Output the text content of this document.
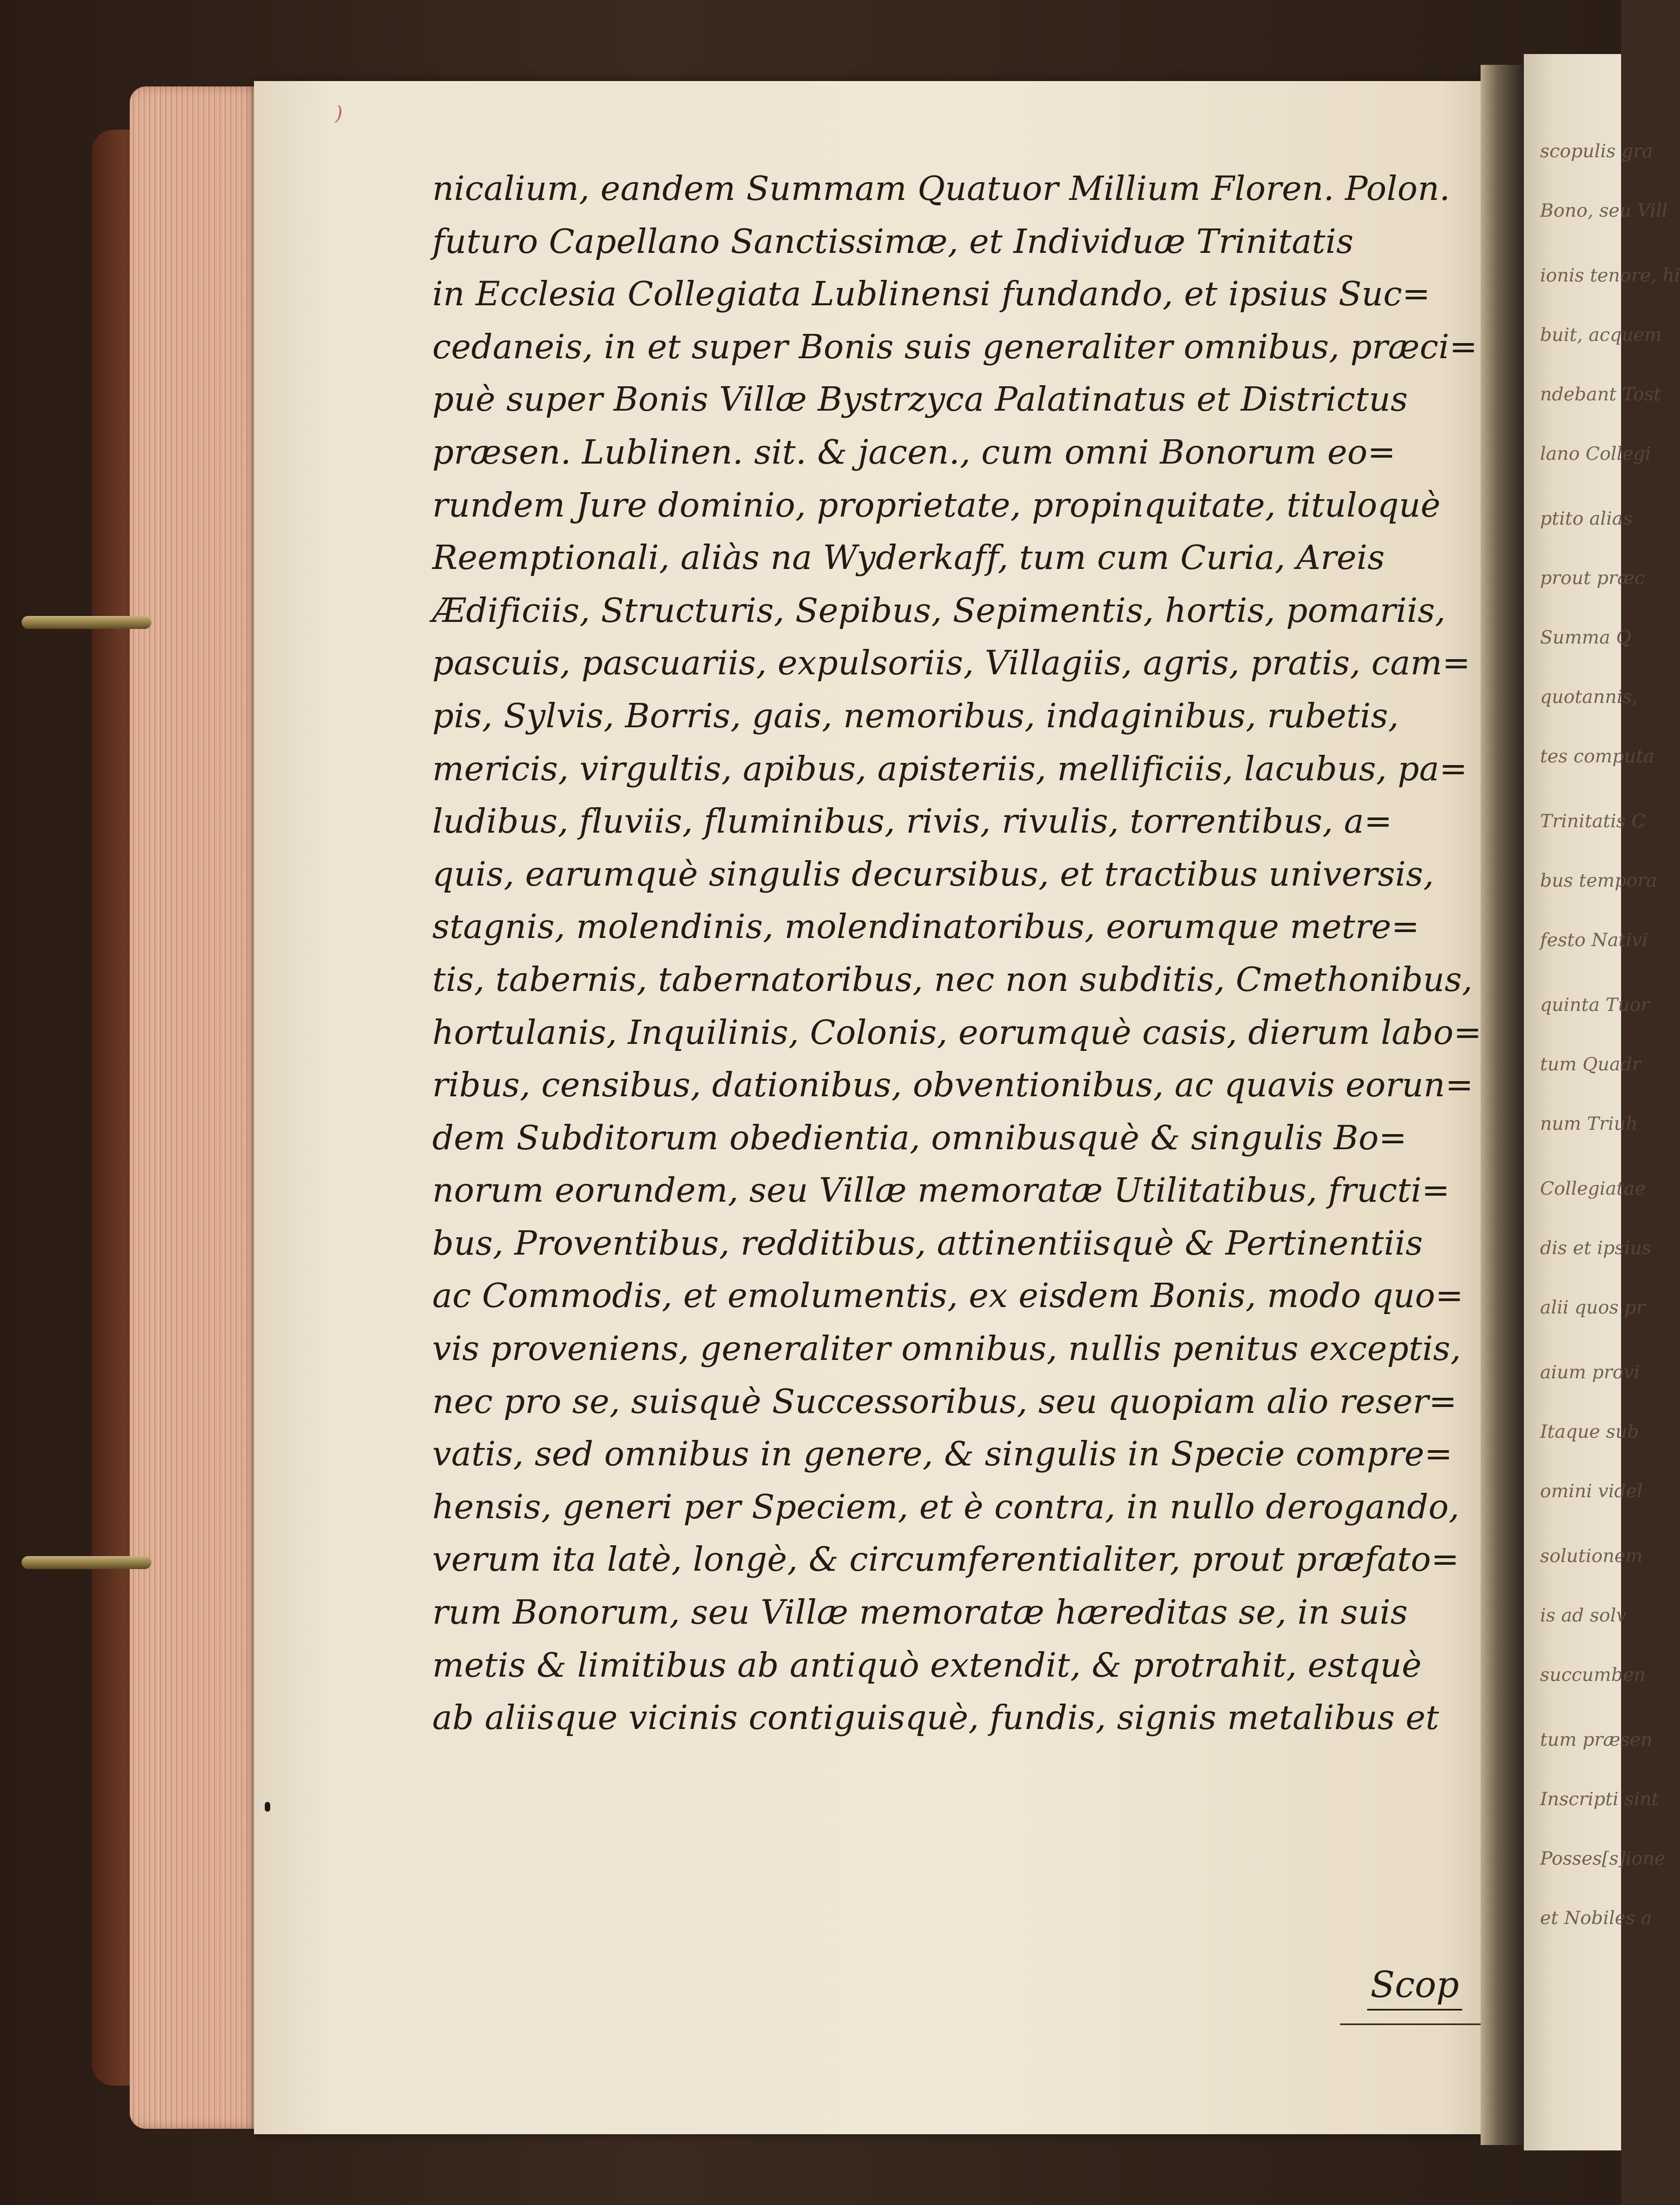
scopulis gra
Bono, seu Vill
ionis tenore, hi
buit, acquem
ndebant Tost
lano Collegi
ptito alias
prout præc
Summa Q
quotannis,
tes computa
Trinitatis C
bus tempora
festo Nativi
quinta Tuor
tum Quadr
num Triuh
Collegiatae
dis et ipsius
alii quos pr
aium provi
Itaque sub
omini videl
solutionem
is ad solv
succumben
tum præsen
Inscripti sint
Posses[s]ione
et Nobiles a
)
nicalium, eandem Summam Quatuor Millium Floren. Polon.
futuro Capellano Sanctissimæ, et Individuæ Trinitatis
in Ecclesia Collegiata Lublinensi fundando, et ipsius Suc=
cedaneis, in et super Bonis suis generaliter omnibus, præci=
puè super Bonis Villæ Bystrzyca Palatinatus et Districtus
præsen. Lublinen. sit. & jacen., cum omni Bonorum eo=
rundem Jure dominio, proprietate, propinquitate, tituloquè
Reemptionali, aliàs na Wyderkaff, tum cum Curia, Areis
Ædificiis, Structuris, Sepibus, Sepimentis, hortis, pomariis,
pascuis, pascuariis, expulsoriis, Villagiis, agris, pratis, cam=
pis, Sylvis, Borris, gais, nemoribus, indaginibus, rubetis,
mericis, virgultis, apibus, apisteriis, mellificiis, lacubus, pa=
ludibus, fluviis, fluminibus, rivis, rivulis, torrentibus, a=
quis, earumquè singulis decursibus, et tractibus universis,
stagnis, molendinis, molendinatoribus, eorumque metre=
tis, tabernis, tabernatoribus, nec non subditis, Cmethonibus,
hortulanis, Inquilinis, Colonis, eorumquè casis, dierum labo=
ribus, censibus, dationibus, obventionibus, ac quavis eorun=
dem Subditorum obedientia, omnibusquè & singulis Bo=
norum eorundem, seu Villæ memoratæ Utilitatibus, fructi=
bus, Proventibus, redditibus, attinentiisquè & Pertinentiis
ac Commodis, et emolumentis, ex eisdem Bonis, modo quo=
vis proveniens, generaliter omnibus, nullis penitus exceptis,
nec pro se, suisquè Successoribus, seu quopiam alio reser=
vatis, sed omnibus in genere, & singulis in Specie compre=
hensis, generi per Speciem, et è contra, in nullo derogando,
verum ita latè, longè, & circumferentialiter, prout præfato=
rum Bonorum, seu Villæ memoratæ hæreditas se, in suis
metis & limitibus ab antiquò extendit, & protrahit, estquè
ab aliisque vicinis contiguisquè, fundis, signis metalibus et
Scop
